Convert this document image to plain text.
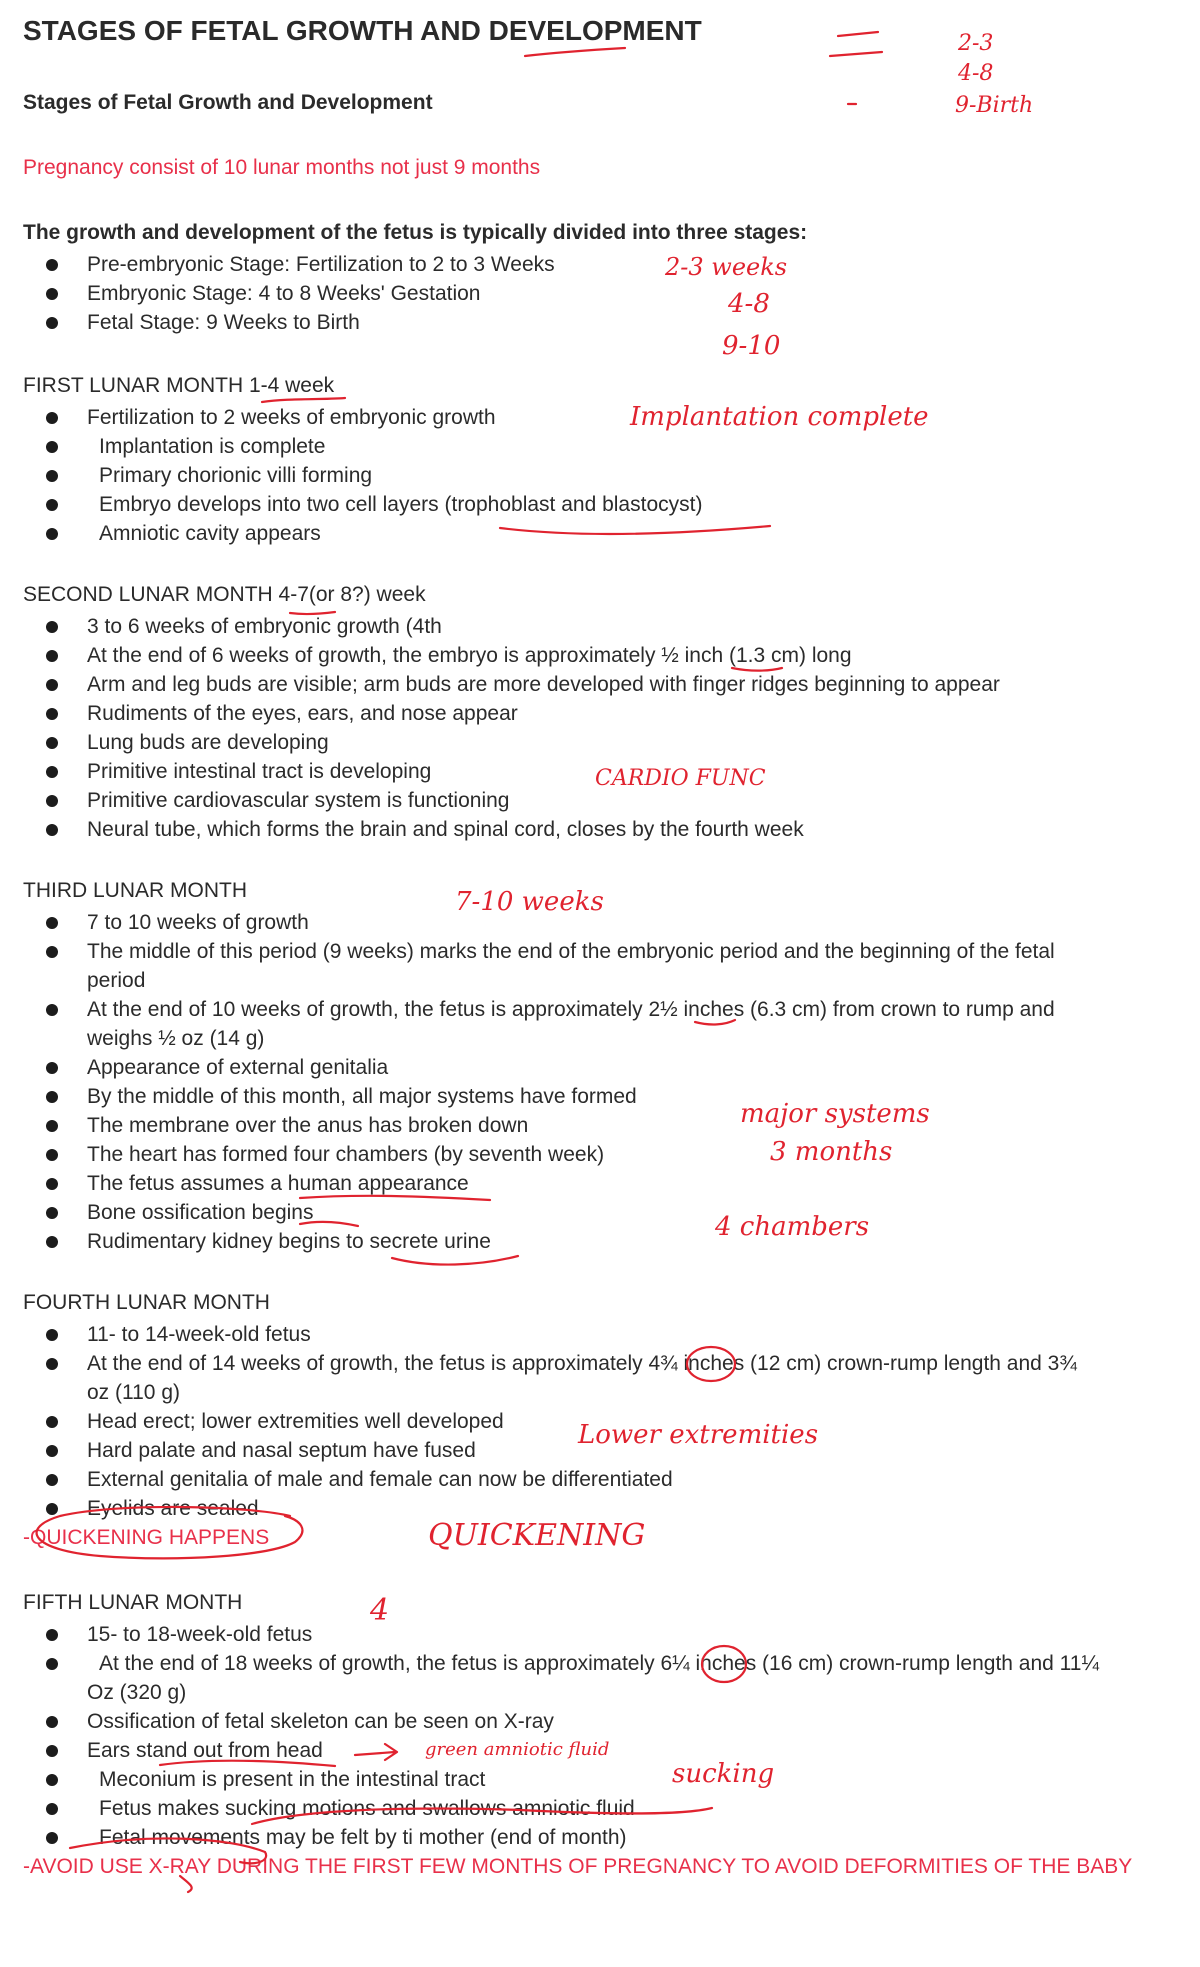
STAGES OF FETAL GROWTH AND DEVELOPMENT
Stages of Fetal Growth and Development
Pregnancy consist of 10 lunar months not just 9 months
The growth and development of the fetus is typically divided into three stages:
Pre-embryonic Stage: Fertilization to 2 to 3 Weeks
Embryonic Stage: 4 to 8 Weeks' Gestation
Fetal Stage: 9 Weeks to Birth
FIRST LUNAR MONTH 1-4 week
Fertilization to 2 weeks of embryonic growth
Implantation is complete
Primary chorionic villi forming
Embryo develops into two cell layers (trophoblast and blastocyst)
Amniotic cavity appears
SECOND LUNAR MONTH 4-7(or 8?) week
3 to 6 weeks of embryonic growth (4th
At the end of 6 weeks of growth, the embryo is approximately ½ inch (1.3 cm) long
Arm and leg buds are visible; arm buds are more developed with finger ridges beginning to appear
Rudiments of the eyes, ears, and nose appear
Lung buds are developing
Primitive intestinal tract is developing
Primitive cardiovascular system is functioning
Neural tube, which forms the brain and spinal cord, closes by the fourth week
THIRD LUNAR MONTH
7 to 10 weeks of growth
The middle of this period (9 weeks) marks the end of the embryonic period and the beginning of the fetal
period
At the end of 10 weeks of growth, the fetus is approximately 2½ inches (6.3 cm) from crown to rump and
weighs ½ oz (14 g)
Appearance of external genitalia
By the middle of this month, all major systems have formed
The membrane over the anus has broken down
The heart has formed four chambers (by seventh week)
The fetus assumes a human appearance
Bone ossification begins
Rudimentary kidney begins to secrete urine
FOURTH LUNAR MONTH
11- to 14-week-old fetus
At the end of 14 weeks of growth, the fetus is approximately 4¾ inches (12 cm) crown-rump length and 3¾
oz (110 g)
Head erect; lower extremities well developed
Hard palate and nasal septum have fused
External genitalia of male and female can now be differentiated
Eyelids are sealed
-QUICKENING HAPPENS
FIFTH LUNAR MONTH
15- to 18-week-old fetus
At the end of 18 weeks of growth, the fetus is approximately 6¼ inches (16 cm) crown-rump length and 11¼
Oz (320 g)
Ossification of fetal skeleton can be seen on X-ray
Ears stand out from head
Meconium is present in the intestinal tract
Fetus makes sucking motions and swallows amniotic fluid
Fetal movements may be felt by ti mother (end of month)
-AVOID USE X-RAY DURING THE FIRST FEW MONTHS OF PREGNANCY TO AVOID DEFORMITIES OF THE BABY
2-3
4-8
9-Birth
2-3 weeks
4-8
9-10
Implantation complete
CARDIO FUNC
7-10 weeks
major systems
3 months
4 chambers
Lower extremities
QUICKENING
4
green amniotic fluid
sucking
